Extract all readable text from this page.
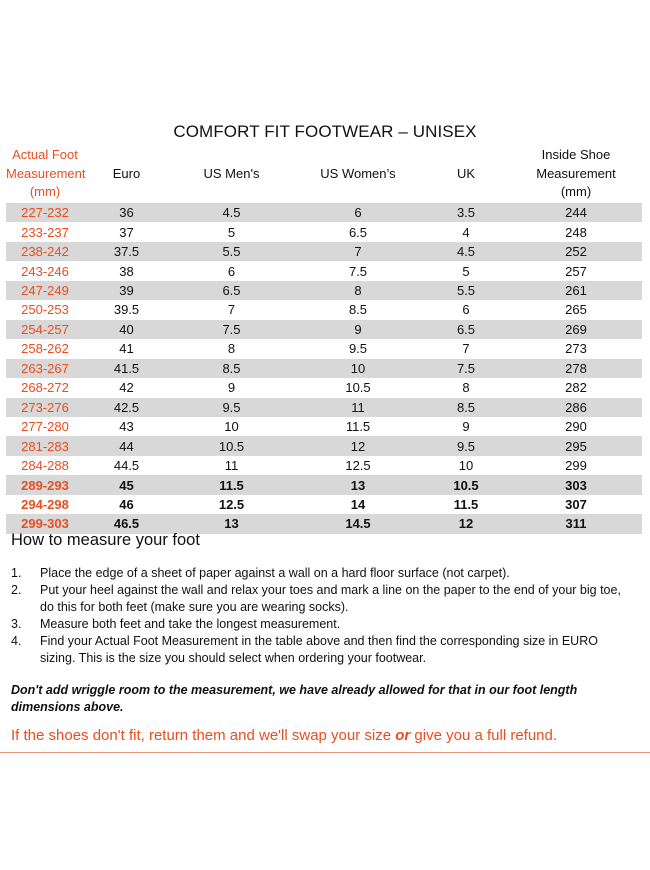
COMFORT FIT FOOTWEAR – UNISEX
Actual Foot
Measurement
(mm)	Euro	US Men's	US Women’s	UK	Inside Shoe
Measurement
(mm)
227-232	36	4.5	6	3.5	244
233-237	37	5	6.5	4	248
238-242	37.5	5.5	7	4.5	252
243-246	38	6	7.5	5	257
247-249	39	6.5	8	5.5	261
250-253	39.5	7	8.5	6	265
254-257	40	7.5	9	6.5	269
258-262	41	8	9.5	7	273
263-267	41.5	8.5	10	7.5	278
268-272	42	9	10.5	8	282
273-276	42.5	9.5	11	8.5	286
277-280	43	10	11.5	9	290
281-283	44	10.5	12	9.5	295
284-288	44.5	11	12.5	10	299
289-293	45	11.5	13	10.5	303
294-298	46	12.5	14	11.5	307
299-303	46.5	13	14.5	12	311
How to measure your foot
1.	Place the edge of a sheet of paper against a wall on a hard floor surface (not carpet).
2.	Put your heel against the wall and relax your toes and mark a line on the paper to the end of your big toe, do this for both feet (make sure you are wearing socks).
3.	Measure both feet and take the longest measurement.
4.	Find your Actual Foot Measurement in the table above and then find the corresponding size in EURO sizing. This is the size you should select when ordering your footwear.
Don't add wriggle room to the measurement, we have already allowed for that in our foot length dimensions above.
If the shoes don't fit, return them and we'll swap your size or give you a full refund.
